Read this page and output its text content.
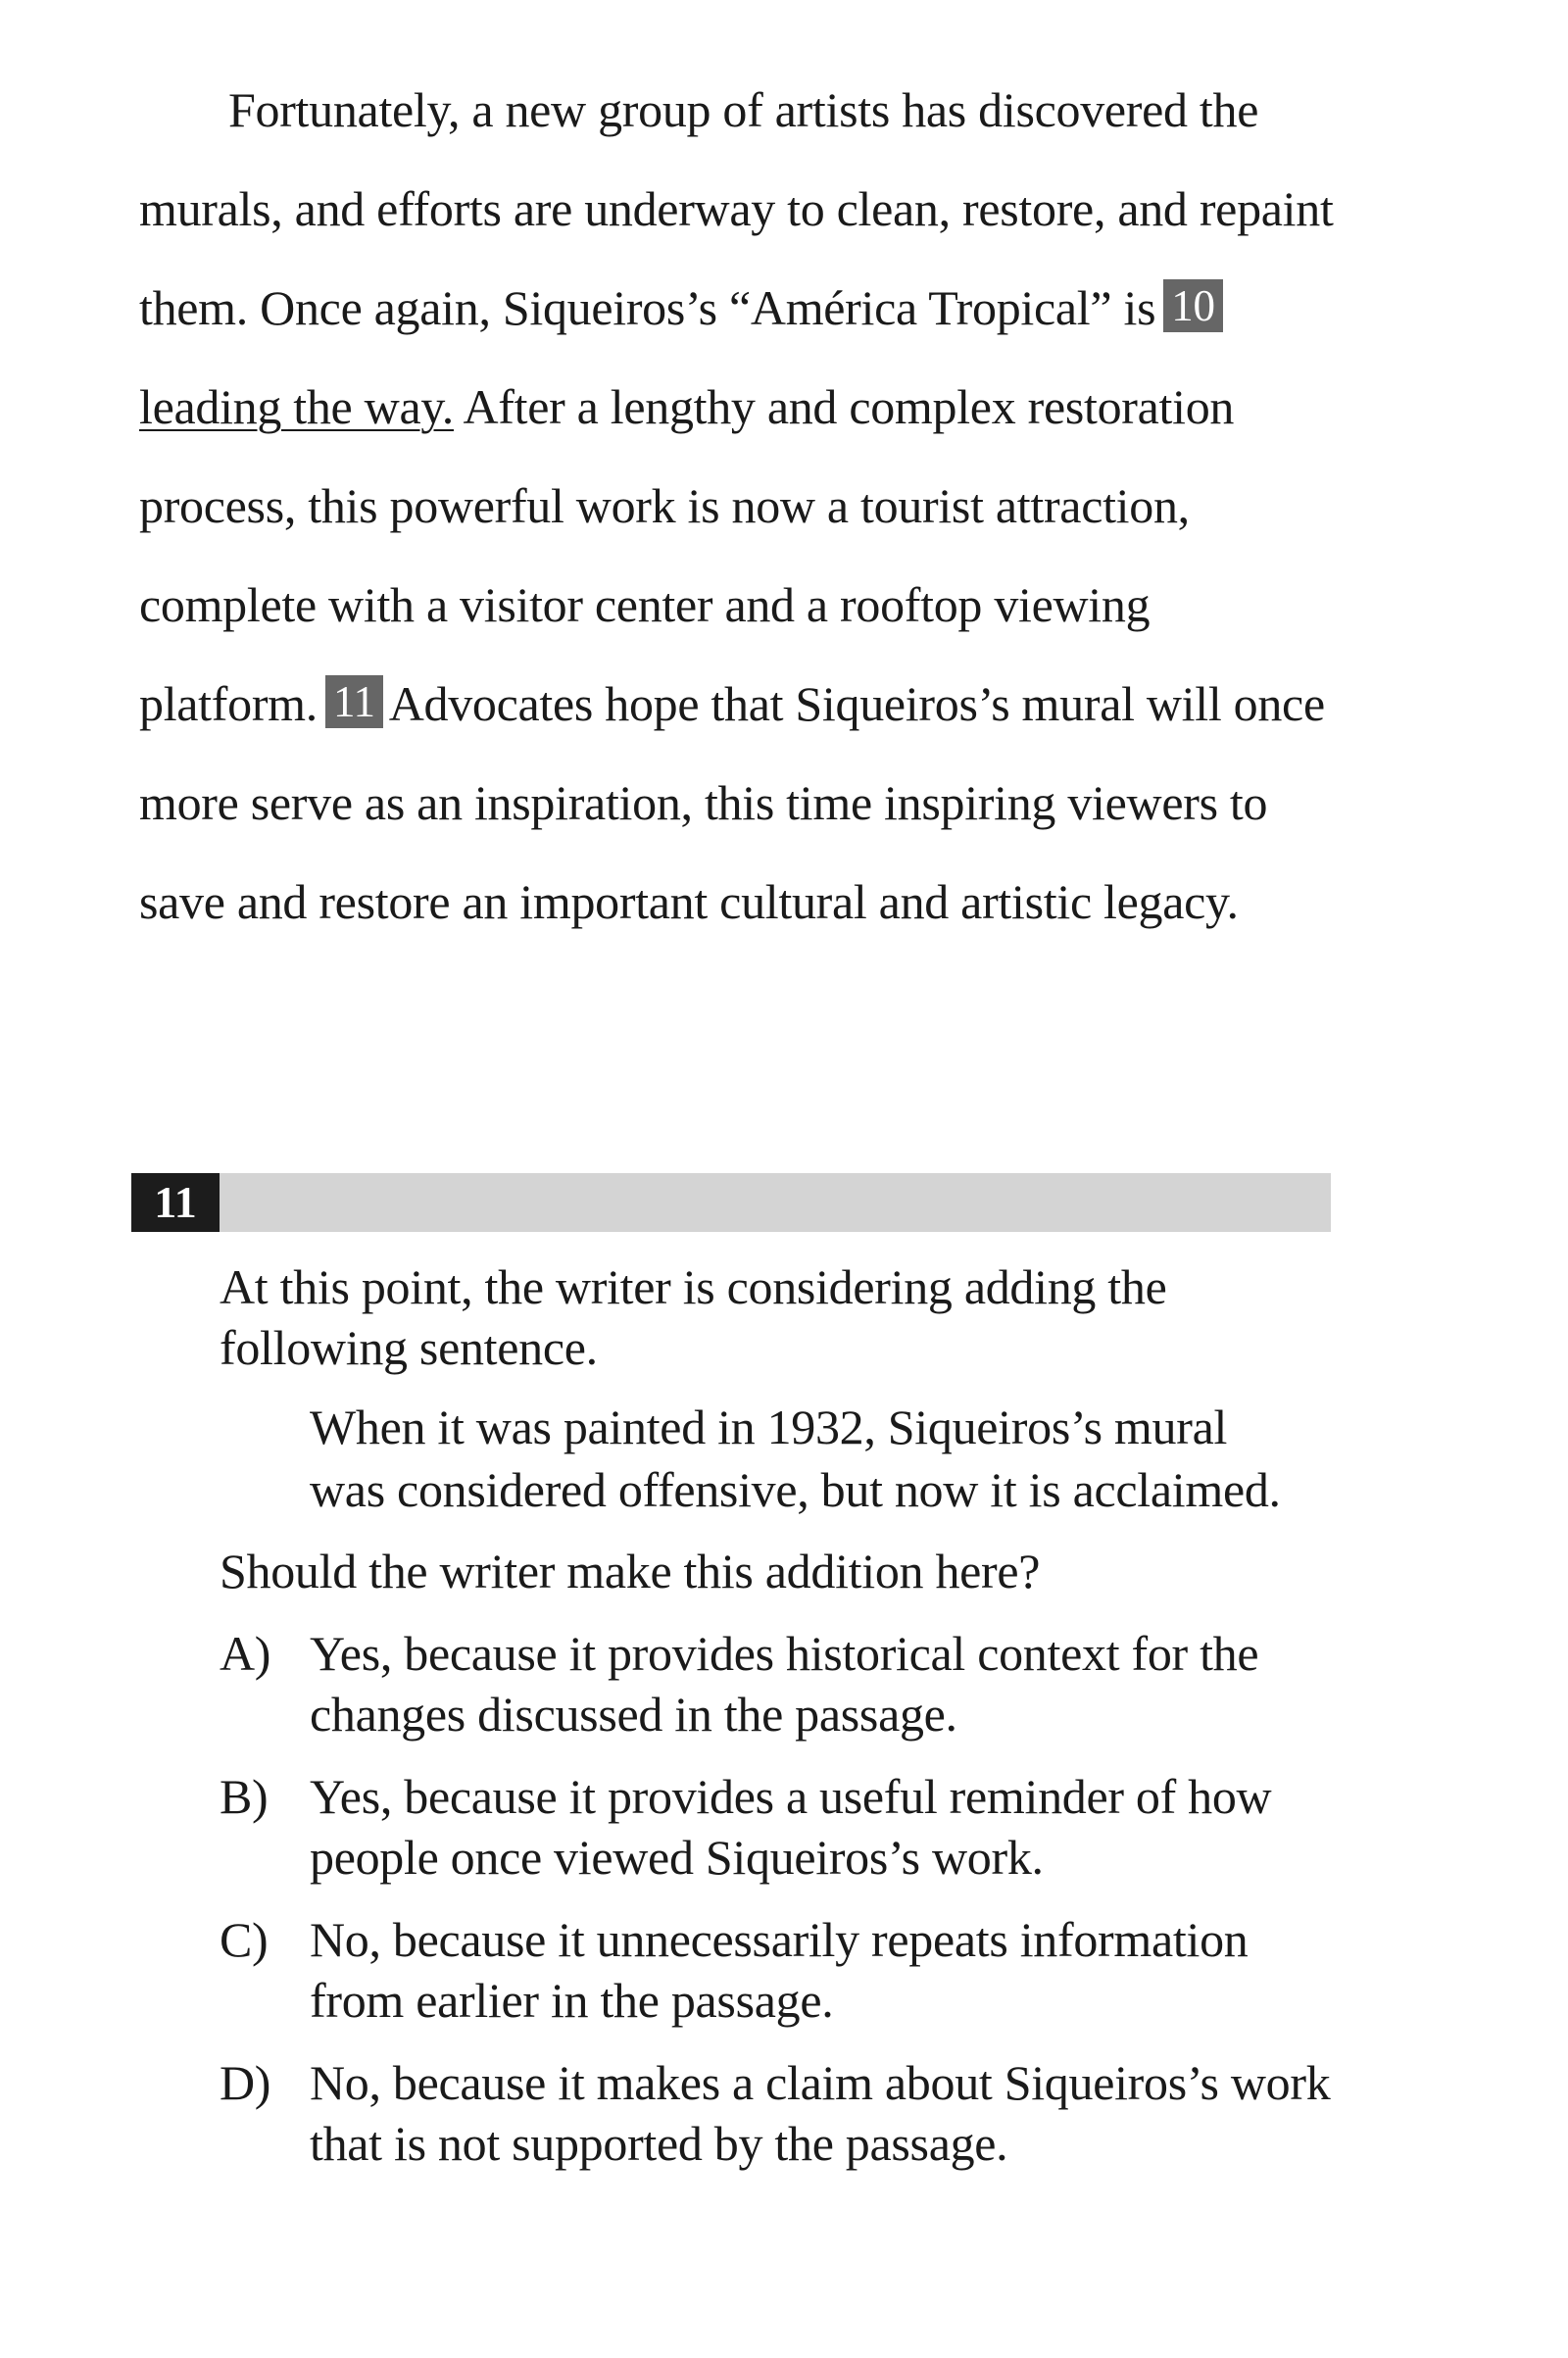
Fortunately, a new group of artists has discovered the murals, and efforts are underway to clean, restore, and repaint them. Once again, Siqueiros’s “América Tropical” is 10leading the way. After a lengthy and complex restoration process, this powerful work is now a tourist attraction, complete with a visitor center and a rooftop viewing platform. 11 Advocates hope that Siqueiros’s mural will once more serve as an inspiration, this time inspiring viewers to save and restore an important cultural and artistic legacy.

11

At this point, the writer is considering adding the following sentence.

When it was painted in 1932, Siqueiros’s mural was considered offensive, but now it is acclaimed.

Should the writer make this addition here?

A) Yes, because it provides historical context for the changes discussed in the passage.
B) Yes, because it provides a useful reminder of how people once viewed Siqueiros’s work.
C) No, because it unnecessarily repeats information from earlier in the passage.
D) No, because it makes a claim about Siqueiros’s work that is not supported by the passage.
